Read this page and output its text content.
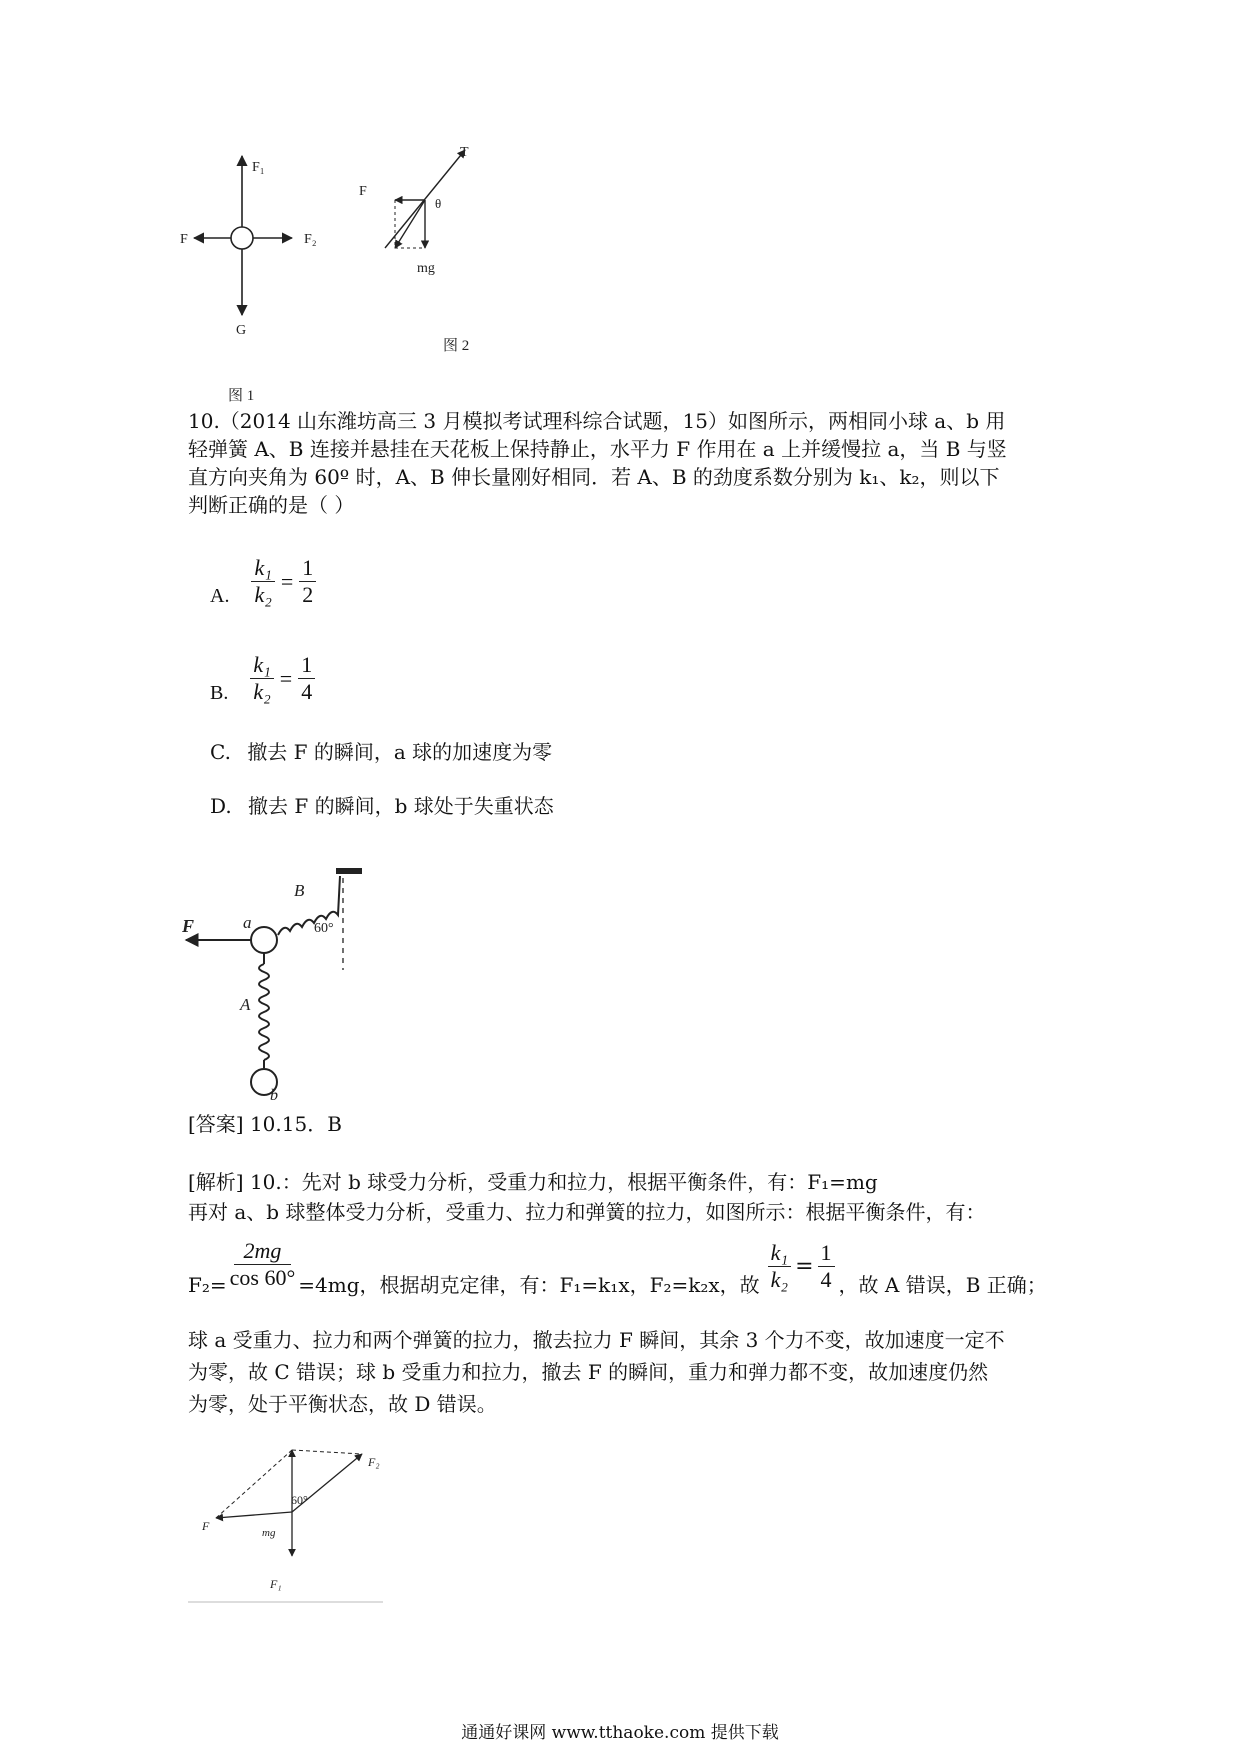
F₁
F	F₂
G
图 1
T
F
θ
mg
图 2
10.（2014 山东潍坊高三 3 月模拟考试理科综合试题，15）如图所示，两相同小球 a、b 用
轻弹簧 A、B 连接并悬挂在天花板上保持静止，水平力 F 作用在 a 上并缓慢拉 a，当 B 与竖
直方向夹角为 60º 时，A、B 伸长量刚好相同．若 A、B 的劲度系数分别为 k₁、k₂，则以下
判断正确的是（ ）
A. $\frac{\text{k₁}}{\text{k₂}} = \frac{1}{2}$
B. $\frac{\text{k₁}}{\text{k₂}} = \frac{1}{4}$
C. 撤去 F 的瞬间，a 球的加速度为零
D. 撤去 F 的瞬间，b 球处于失重状态
F	a
B
60°
A
b
[答案] 10.15．B
[解析] 10.：先对 b 球受力分析，受重力和拉力，根据平衡条件，有：F₁=mg
再对 a、b 球整体受力分析，受重力、拉力和弹簧的拉力，如图所示：根据平衡条件，有：
$F_2= \frac{2mg}{\cos 60^\circ} =4mg$，根据胡克定律，有：F₁=k₁x，F₂=k₂x，故 $\frac{\text{k₁}}{\text{k₂}} = \frac{1}{4}$ ，故 A 错误，B 正确；
球 a 受重力、拉力和两个弹簧的拉力，撤去拉力 F 瞬间，其余 3 个力不变，故加速度一定不
为零，故 C 错误；球 b 受重力和拉力，撤去 F 的瞬间，重力和弹力都不变，故加速度仍然
为零，处于平衡状态，故 D 错误。
F₂
60°
F	mg
F₁
通通好课网 www.tthaoke.com 提供下载
